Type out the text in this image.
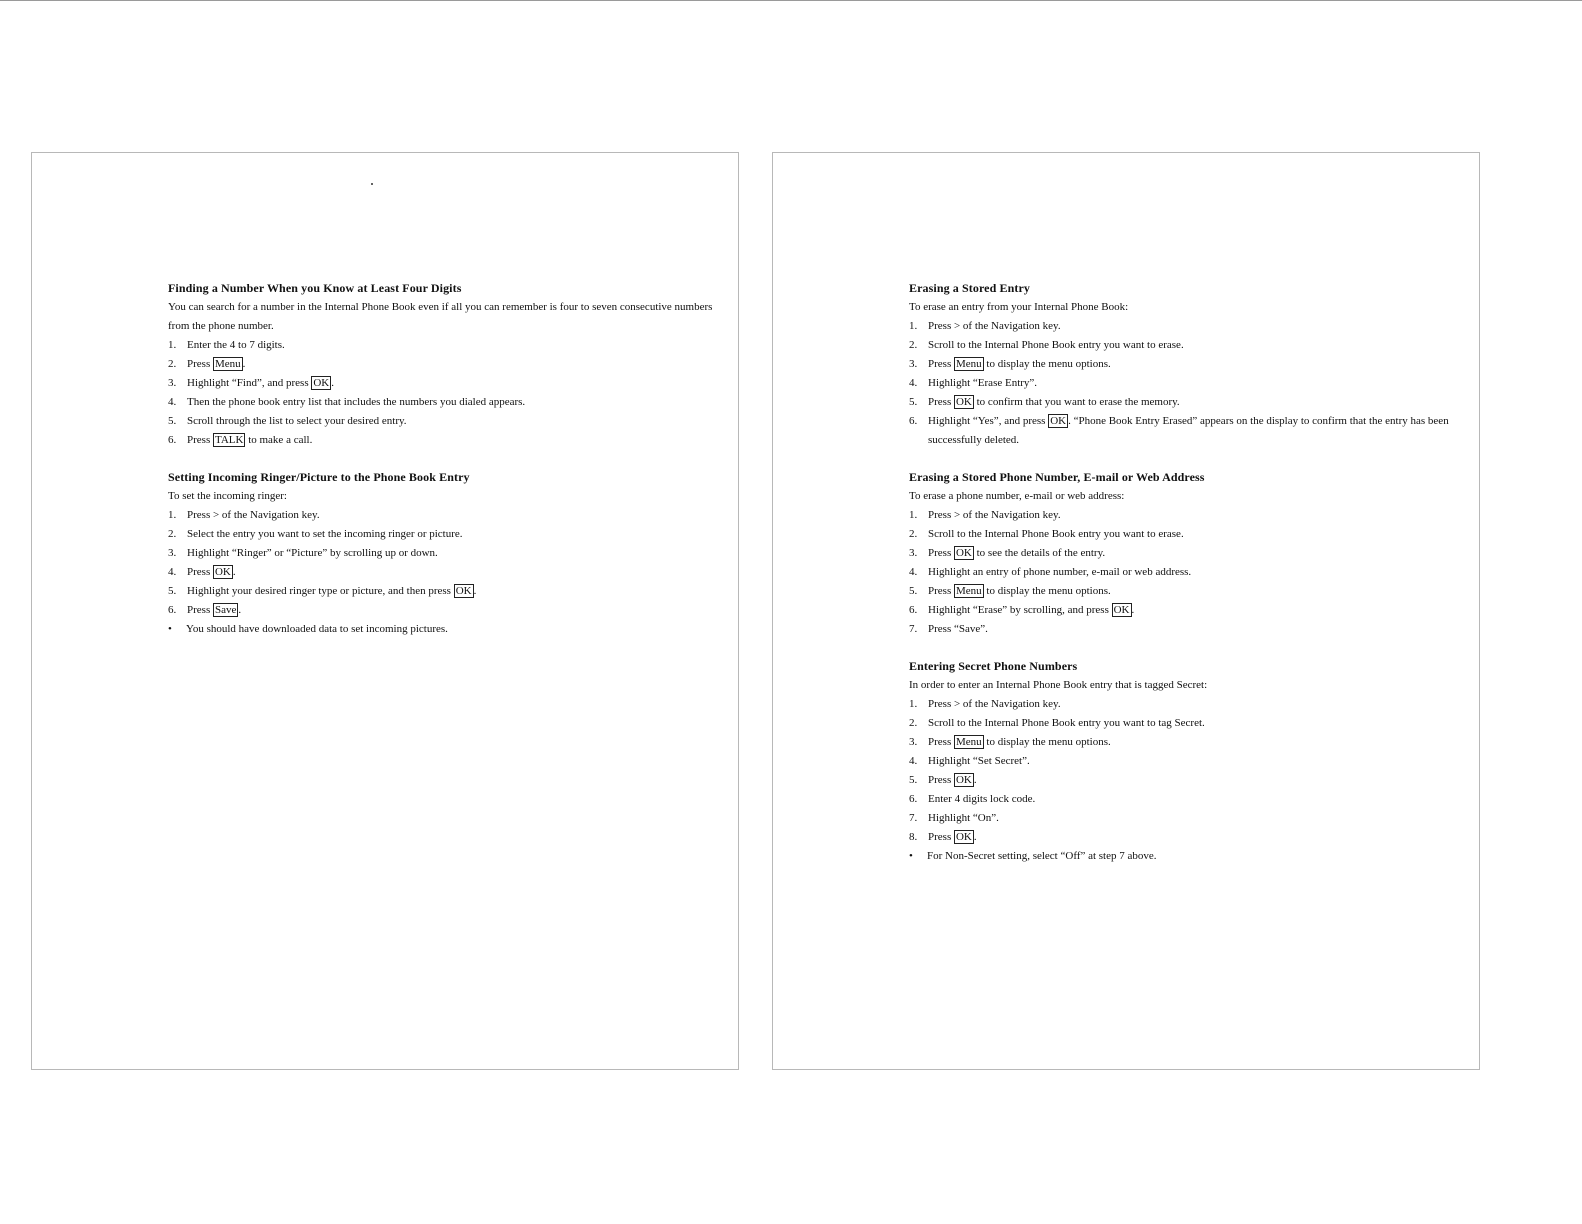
Finding a Number When you Know at Least Four Digits
You can search for a number in the Internal Phone Book even if all you can remember is four to seven consecutive numbers from the phone number.
1. Enter the 4 to 7 digits.
2. Press Menu .
3. Highlight “Find”, and press OK .
4. Then the phone book entry list that includes the numbers you dialed appears.
5. Scroll through the list to select your desired entry.
6. Press TALK to make a call.
Setting Incoming Ringer/Picture to the Phone Book Entry
To set the incoming ringer:
1. Press > of the Navigation key.
2. Select the entry you want to set the incoming ringer or picture.
3. Highlight “Ringer” or “Picture” by scrolling up or down.
4. Press OK .
5. Highlight your desired ringer type or picture, and then press OK .
6. Press Save .
•	You should have downloaded data to set incoming pictures.
Erasing a Stored Entry
To erase an entry from your Internal Phone Book:
1. Press > of the Navigation key.
2. Scroll to the Internal Phone Book entry you want to erase.
3. Press Menu to display the menu options.
4. Highlight “Erase Entry”.
5. Press OK to confirm that you want to erase the memory.
6. Highlight “Yes”, and press OK . “Phone Book Entry Erased” appears on the display to confirm that the entry has been successfully deleted.
Erasing a Stored Phone Number, E-mail or Web Address
To erase a phone number, e-mail or web address:
1. Press > of the Navigation key.
2. Scroll to the Internal Phone Book entry you want to erase.
3. Press OK to see the details of the entry.
4. Highlight an entry of phone number, e-mail or web address.
5. Press Menu to display the menu options.
6. Highlight “Erase” by scrolling, and press OK .
7. Press “Save”.
Entering Secret Phone Numbers
In order to enter an Internal Phone Book entry that is tagged Secret:
1. Press > of the Navigation key.
2. Scroll to the Internal Phone Book entry you want to tag Secret.
3. Press Menu to display the menu options.
4. Highlight “Set Secret”.
5. Press OK .
6. Enter 4 digits lock code.
7. Highlight “On”.
8. Press OK .
•	For Non-Secret setting, select “Off” at step 7 above.
